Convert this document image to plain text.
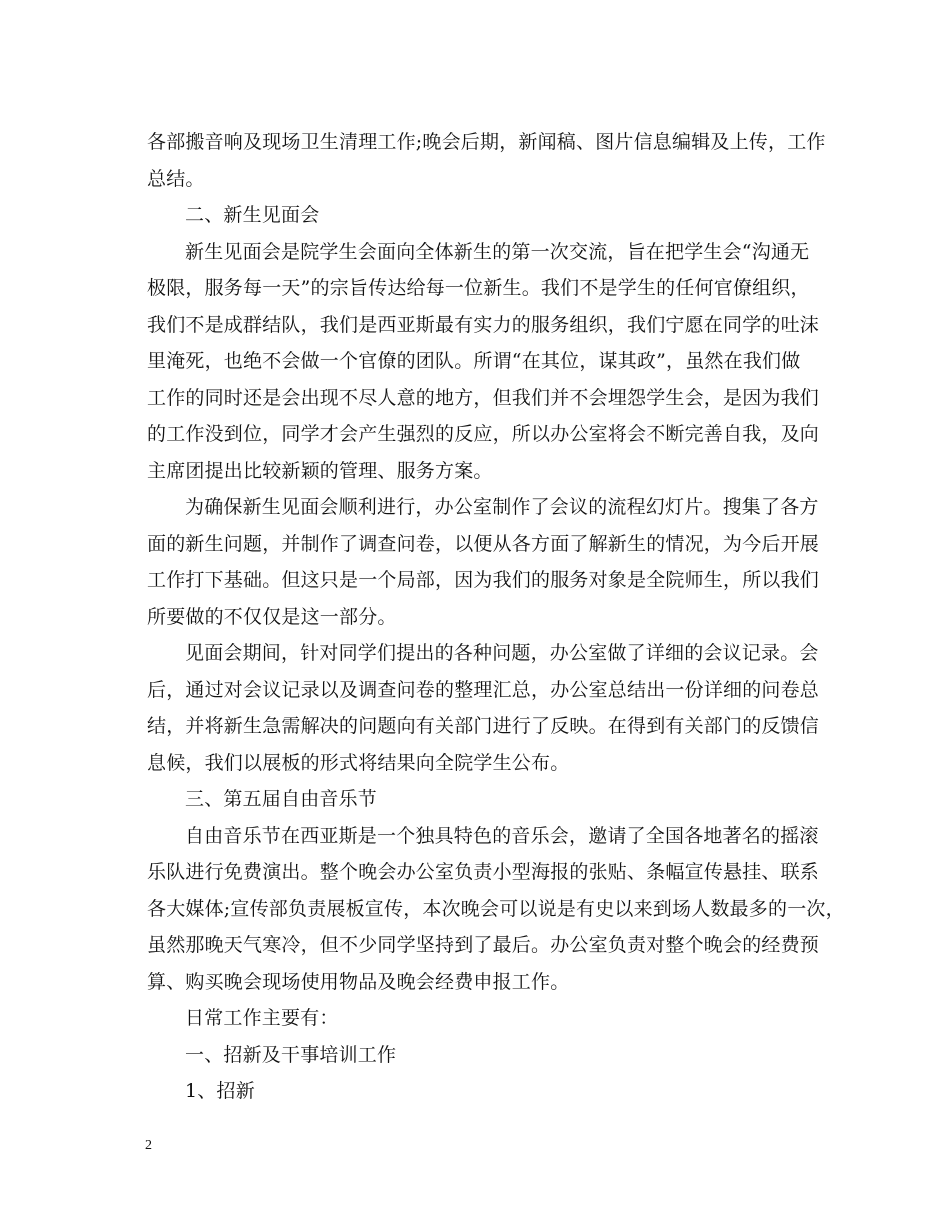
各部搬音响及现场卫生清理工作;晚会后期，新闻稿、图片信息编辑及上传，工作
总结。
二、新生见面会
新生见面会是院学生会面向全体新生的第一次交流，旨在把学生会“沟通无
极限，服务每一天”的宗旨传达给每一位新生。我们不是学生的任何官僚组织，
我们不是成群结队，我们是西亚斯最有实力的服务组织，我们宁愿在同学的吐沫
里淹死，也绝不会做一个官僚的团队。所谓“在其位，谋其政”，虽然在我们做
工作的同时还是会出现不尽人意的地方，但我们并不会埋怨学生会，是因为我们
的工作没到位，同学才会产生强烈的反应，所以办公室将会不断完善自我，及向
主席团提出比较新颖的管理、服务方案。
为确保新生见面会顺利进行，办公室制作了会议的流程幻灯片。搜集了各方
面的新生问题，并制作了调查问卷，以便从各方面了解新生的情况，为今后开展
工作打下基础。但这只是一个局部，因为我们的服务对象是全院师生，所以我们
所要做的不仅仅是这一部分。
见面会期间，针对同学们提出的各种问题，办公室做了详细的会议记录。会
后，通过对会议记录以及调查问卷的整理汇总，办公室总结出一份详细的问卷总
结，并将新生急需解决的问题向有关部门进行了反映。在得到有关部门的反馈信
息候，我们以展板的形式将结果向全院学生公布。
三、第五届自由音乐节
自由音乐节在西亚斯是一个独具特色的音乐会，邀请了全国各地著名的摇滚
乐队进行免费演出。整个晚会办公室负责小型海报的张贴、条幅宣传悬挂、联系
各大媒体;宣传部负责展板宣传，本次晚会可以说是有史以来到场人数最多的一次，
虽然那晚天气寒冷，但不少同学坚持到了最后。办公室负责对整个晚会的经费预
算、购买晚会现场使用物品及晚会经费申报工作。
日常工作主要有：
一、招新及干事培训工作
1、招新
2
